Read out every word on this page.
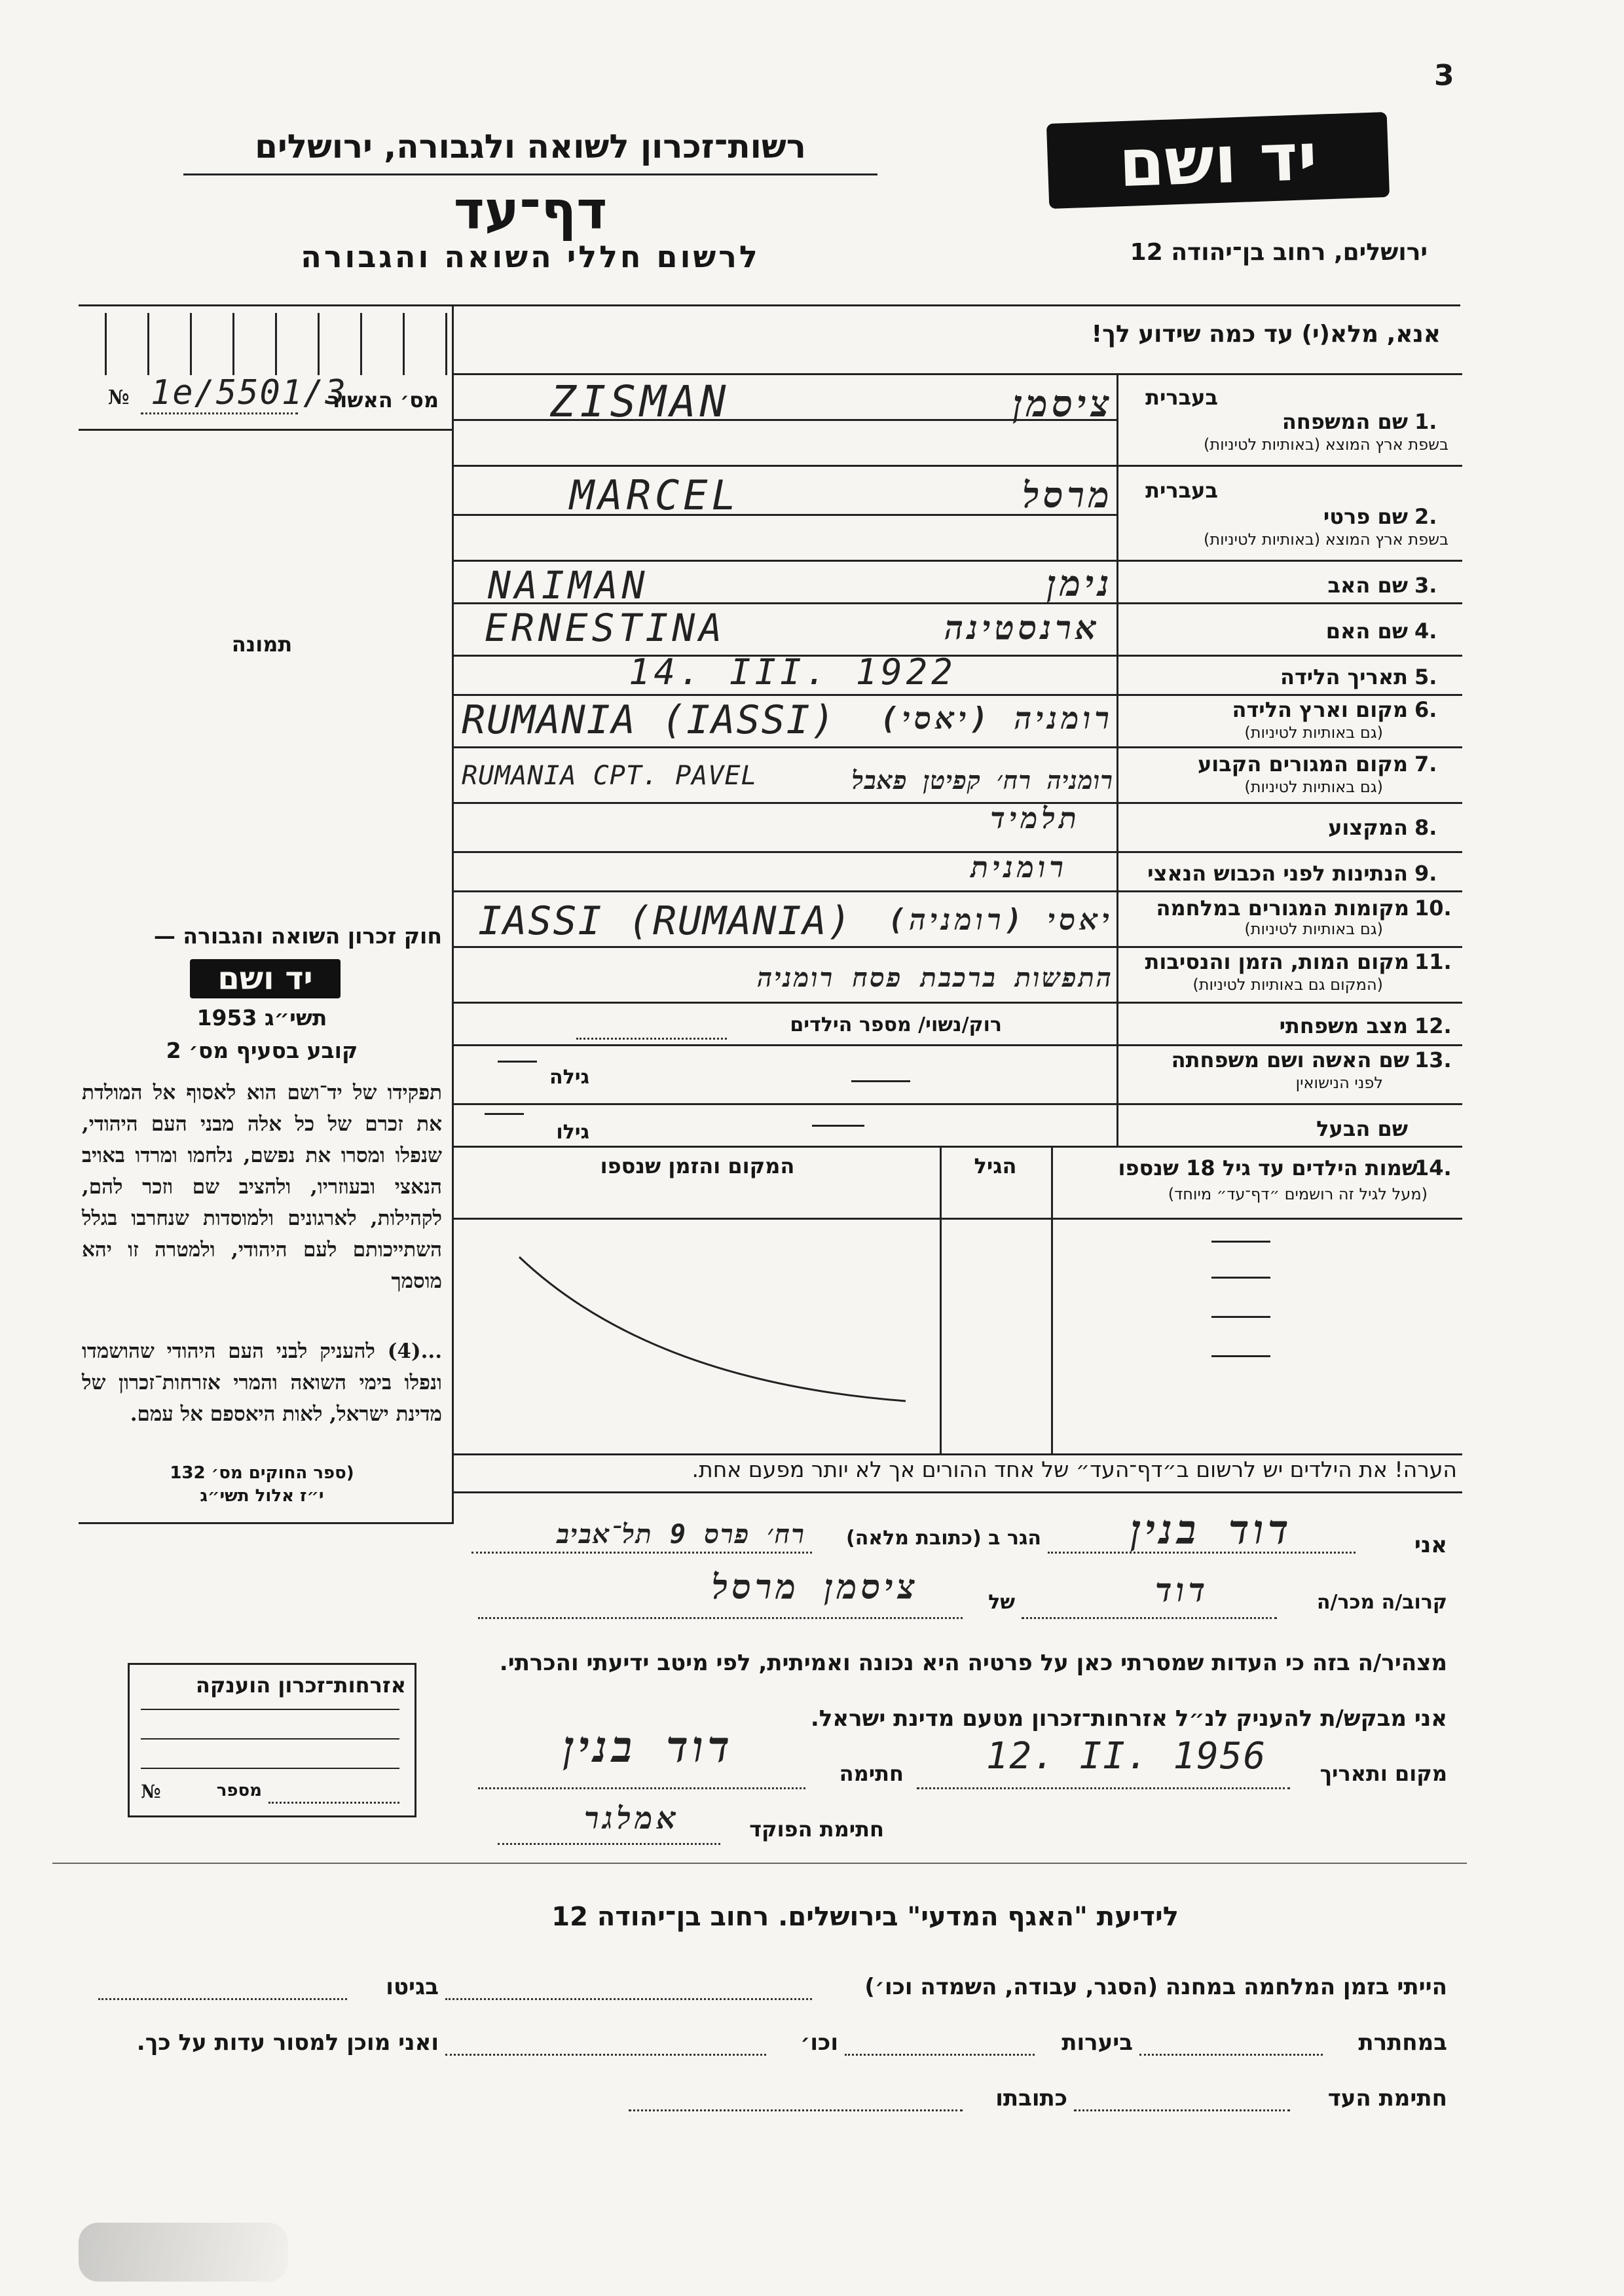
3
רשות־זכרון לשואה ולגבורה, ירושלים
דף־עד
לרשום חללי השואה והגבורה
יד ושם
ירושלים, רחוב בן־יהודה 12
אנא, מלא(י) עד כמה שידוע לך!
№ 1e/5501/3
מס׳ האשור
תמונה
חוק זכרון השואה והגבורה —
יד ושם
תשי״ג 1953
קובע בסעיף מס׳ 2
תפקידו של יד־ושם הוא לאסוף אל המולדת את זכרם של כל אלה מבני העם היהודי, שנפלו ומסרו את נפשם, נלחמו ומרדו באויב הנאצי ובעוזריו, ולהציב שם וזכר להם, לקהילות, לארגונים ולמוסדות שנחרבו בגלל השתייכותם לעם היהודי, ולמטרה זו יהא מוסמך
...(4) להעניק לבני העם היהודי שהושמדו ונפלו בימי השואה והמרי אזרחות־זכרון של מדינת ישראל, לאות היאספם אל עמם.
(ספר החוקים מס׳ 132
י״ז אלול תשי״ג
בעברית
שם המשפחה 1.
בשפת ארץ המוצא (באותיות לטיניות)
ZISMAN	ציסמן
בעברית
שם פרטי 2.
בשפת ארץ המוצא (באותיות לטיניות)
MARCEL	מרסל
שם האב 3.
NAIMAN	נימן
שם האם 4.
ERNESTINA	ארנסטינה
תאריך הלידה 5.
14. III. 1922
מקום וארץ הלידה 6.
(גם באותיות לטיניות)
RUMANIA (IASSI) רומניה (יאסי)
מקום המגורים הקבוע 7.
(גם באותיות לטיניות)
RUMANIA CPT. PAVEL	רומניה רח׳ קפיטן פאבל
המקצוע 8.
תלמיד
הנתינות לפני הכבוש הנאצי 9.
רומנית
מקומות המגורים במלחמה 10.
(גם באותיות לטיניות)
IASSI (RUMANIA)	יאסי (רומניה)
מקום המות, הזמן והנסיבות 11.
(המקום גם באותיות לטיניות)
התפשות ברכבת פסח רומניה
מצב משפחתי 12.
רוק/נשוי/ מספר הילדים
שם האשה ושם משפחתה 13.
לפני הנישואין
גילה
שם הבעל
גילו
שמות הילדים עד גיל 18 שנספו
14.
(מעל לגיל זה רושמים ״דף־עד״ מיוחד)
הגיל
המקום והזמן שנספו
הערה! את הילדים יש לרשום ב״דף־העד״ של אחד ההורים אך לא יותר מפעם אחת.
אני
דוד בנין
הגר ב (כתובת מלאה)
רח׳ פרס 9 תל־אביב
קרוב/ה מכר/ה
דוד
של
ציסמן מרסל
מצהיר/ה בזה כי העדות שמסרתי כאן על פרטיה היא נכונה ואמיתית, לפי מיטב ידיעתי והכרתי.
אני מבקש/ת להעניק לנ״ל אזרחות־זכרון מטעם מדינת ישראל.
מקום ותאריך
12. II. 1956
חתימה
דוד בנין
חתימת הפוקד
אמלגר
אזרחות־זכרון הוענקה
№	מספר
לידיעת "האגף המדעי" בירושלים. רחוב בן־יהודה 12
הייתי בזמן המלחמה במחנה (הסגר, עבודה, השמדה וכו׳)
בגיטו
במחתרת
ביערות
וכו׳
ואני מוכן למסור עדות על כך.
חתימת העד
כתובתו
